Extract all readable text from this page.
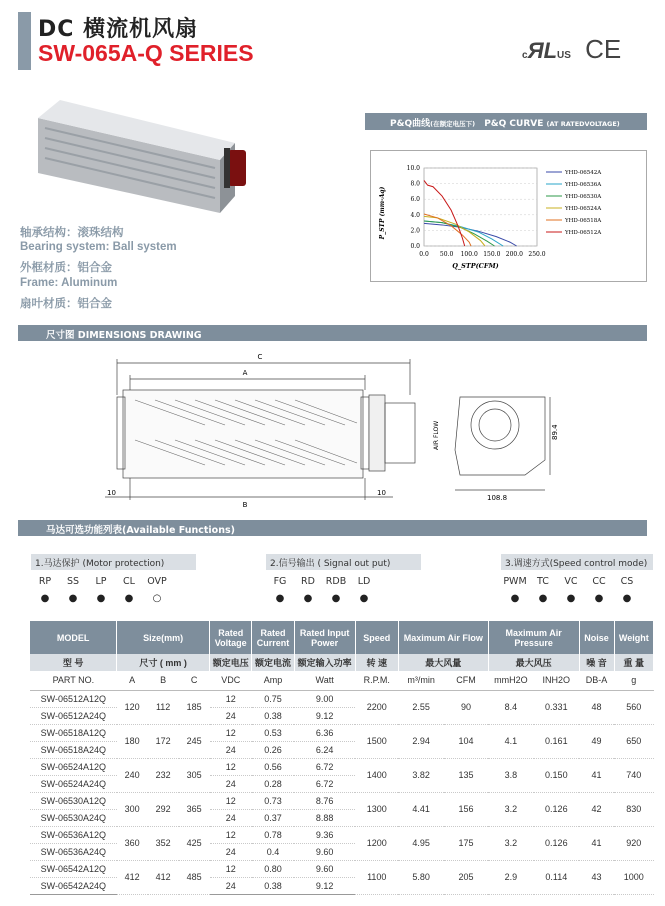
DC 横流机风扇
SW-065A-Q SERIES	cЯLUS CE
轴承结构：滚珠结构
Bearing system: Ball system
外框材质：铝合金
Frame: Aluminum
扇叶材质：铝合金
P&Q曲线(在额定电压下) P&Q CURVE (AT RATEDVOLTAGE)
0.0
2.0
4.0
6.0
8.0
10.0
0.0 50.0 100.0 150.0 200.0 250.0
Q_STP(CFM)
P_STP (mm-Aq)
YHD-06542A
YHD-06536A
YHD-06530A
YHD-06524A
YHD-06518A
YHD-06512A
尺寸图 DIMENSIONS DRAWING
C
A
B
10	10
AIR FLOW	89.4
108.8
马达可选功能列表(Available Functions)
1.马达保护 (Motor protection)
RP	SS	LP	CL	OVP
●	●	●	●	○
2.信号输出 ( Signal out put)
FG	RD	RDB	LD
●	●	●	●
3.调速方式(Speed control mode)
PWM	TC	VC	CC	CS
●	●	●	●	●
MODEL	Size(mm)			Rated Voltage	Rated Current	Rated Input Power	Speed	Maximum Air Flow		Maximum Air Pressure		Noise	Weight
型 号	尺寸 ( mm )			额定电压	额定电流	额定输入功率	转 速	最大风量		最大风压		噪 音	重 量
PART NO.	A	B	C	VDC	Amp	Watt	R.P.M.	m³/min	CFM	mmH2O	INH2O	DB-A	g
SW-06512A12Q	120	112	185	12	0.75	9.00	2200	2.55	90	8.4	0.331	48	560
SW-06512A24Q				24	0.38	9.12							
SW-06518A12Q	180	172	245	12	0.53	6.36	1500	2.94	104	4.1	0.161	49	650
SW-06518A24Q				24	0.26	6.24							
SW-06524A12Q	240	232	305	12	0.56	6.72	1400	3.82	135	3.8	0.150	41	740
SW-06524A24Q				24	0.28	6.72							
SW-06530A12Q	300	292	365	12	0.73	8.76	1300	4.41	156	3.2	0.126	42	830
SW-06530A24Q				24	0.37	8.88							
SW-06536A12Q	360	352	425	12	0.78	9.36	1200	4.95	175	3.2	0.126	41	920
SW-06536A24Q				24	0.4	9.60							
SW-06542A12Q	412	412	485	12	0.80	9.60	1100	5.80	205	2.9	0.114	43	1000
SW-06542A24Q				24	0.38	9.12							
